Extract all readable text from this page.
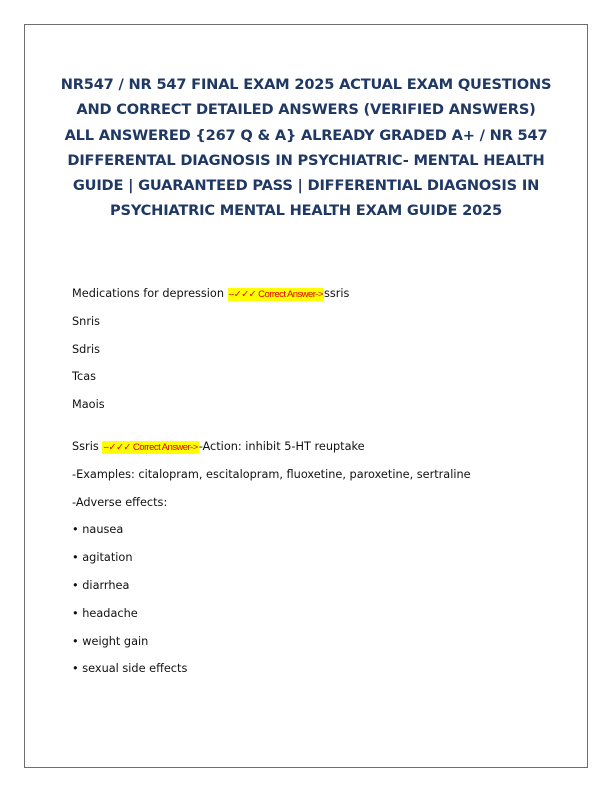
NR547 / NR 547 FINAL EXAM 2025 ACTUAL EXAM QUESTIONS AND CORRECT DETAILED ANSWERS (VERIFIED ANSWERS) ALL ANSWERED {267 Q & A} ALREADY GRADED A+ / NR 547 DIFFERENTAL DIAGNOSIS IN PSYCHIATRIC- MENTAL HEALTH GUIDE | GUARANTEED PASS | DIFFERENTIAL DIAGNOSIS IN PSYCHIATRIC MENTAL HEALTH EXAM GUIDE 2025
Medications for depression --✓✓✓ Correct Answer->ssris
Snris
Sdris
Tcas
Maois
Ssris --✓✓✓ Correct Answer->-Action: inhibit 5-HT reuptake
-Examples: citalopram, escitalopram, fluoxetine, paroxetine, sertraline
-Adverse effects:
• nausea
• agitation
• diarrhea
• headache
• weight gain
• sexual side effects
